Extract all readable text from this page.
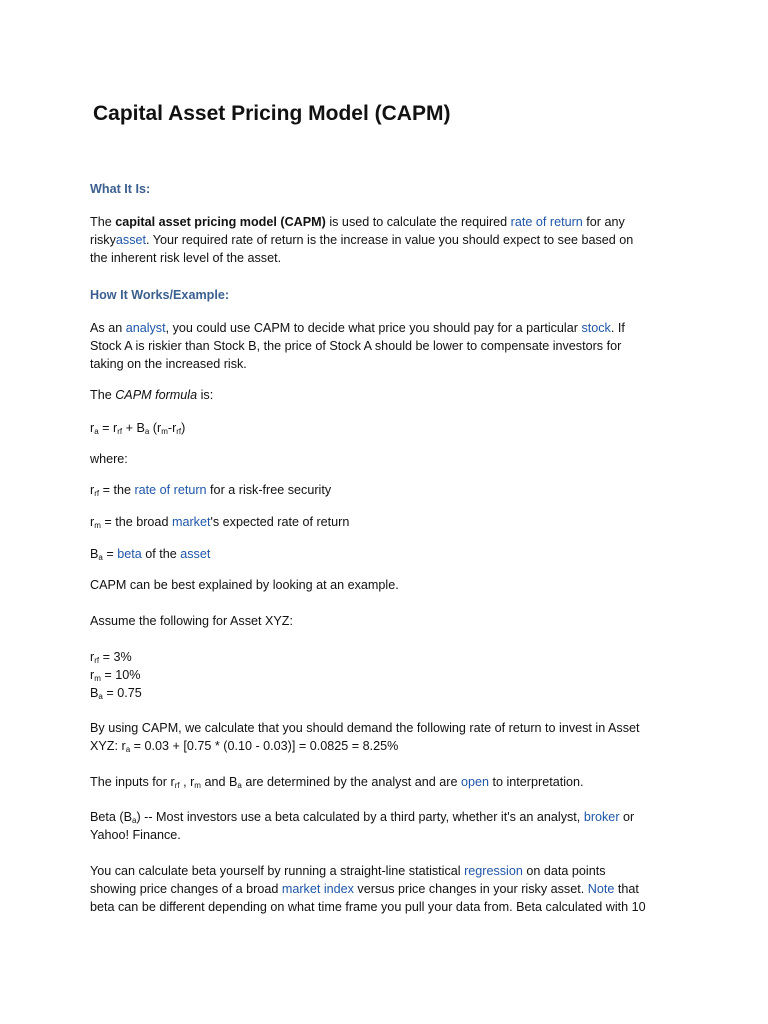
Capital Asset Pricing Model (CAPM)
What It Is:
The capital asset pricing model (CAPM) is used to calculate the required rate of return for any
riskyasset. Your required rate of return is the increase in value you should expect to see based on
the inherent risk level of the asset.
How It Works/Example:
As an analyst, you could use CAPM to decide what price you should pay for a particular stock. If
Stock A is riskier than Stock B, the price of Stock A should be lower to compensate investors for
taking on the increased risk.
The CAPM formula is:
$r_a = r_{rf} + B_a$ $(r_m-r_{rf})$
where:
$r_{rf}$ = the rate of return for a risk-free security
$r_m$ = the broad market's expected rate of return
$B_a$ = beta of the asset
CAPM can be best explained by looking at an example.
Assume the following for Asset XYZ:
$r_{rf} = 3\%$
$r_m = 10\%$
$B_a = 0.75$
By using CAPM, we calculate that you should demand the following rate of return to invest in Asset
XYZ: $r_a = 0.03 + [0.75 * (0.10 - 0.03)] = 0.0825 = 8.25\%$
The inputs for $r_{rf}$ , $r_m$ and $B_a$ are determined by the analyst and are open to interpretation.
Beta $(B_a)$ -- Most investors use a beta calculated by a third party, whether it's an analyst, broker or
Yahoo! Finance.
You can calculate beta yourself by running a straight-line statistical regression on data points
showing price changes of a broad market index versus price changes in your risky asset. Note that
beta can be different depending on what time frame you pull your data from. Beta calculated with 10
